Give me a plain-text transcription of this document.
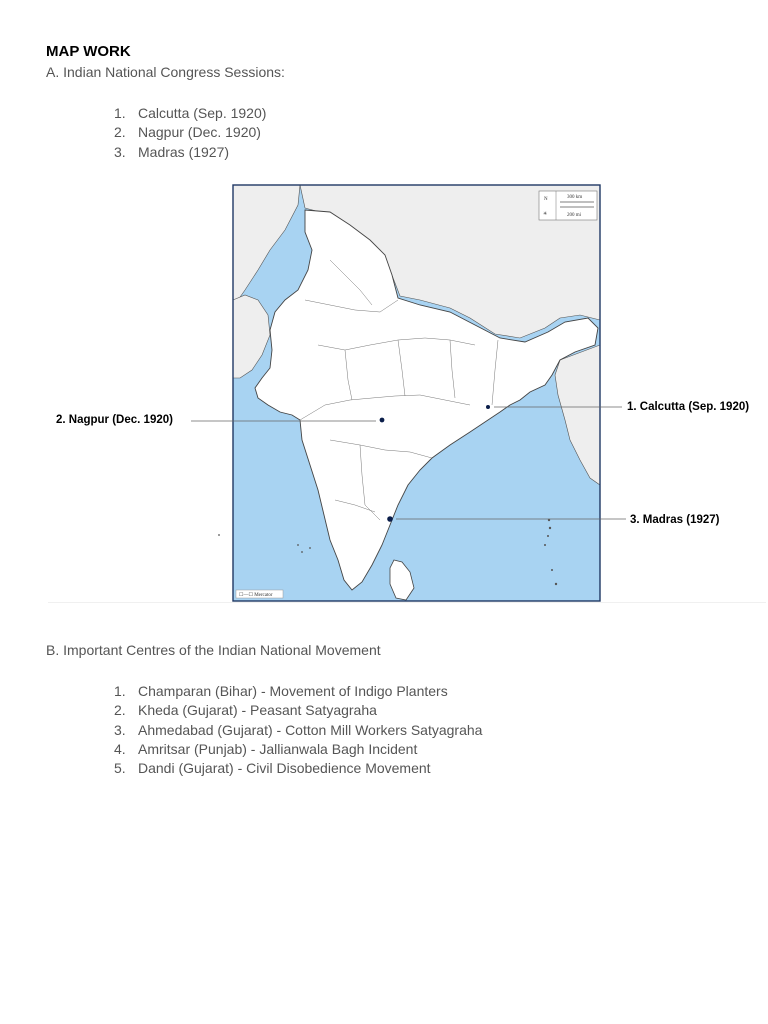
MAP WORK
A. Indian National Congress Sessions:
1. Calcutta (Sep. 1920)
2. Nagpur (Dec. 1920)
3. Madras (1927)
N
✳
300 km
200 mi
☐—☐ Mercator
1. Calcutta (Sep. 1920)
2. Nagpur (Dec. 1920)
3. Madras (1927)
B. Important Centres of the Indian National Movement
1. Champaran (Bihar) - Movement of Indigo Planters
2. Kheda (Gujarat) - Peasant Satyagraha
3. Ahmedabad (Gujarat) - Cotton Mill Workers Satyagraha
4. Amritsar (Punjab) - Jallianwala Bagh Incident
5. Dandi (Gujarat) - Civil Disobedience Movement
